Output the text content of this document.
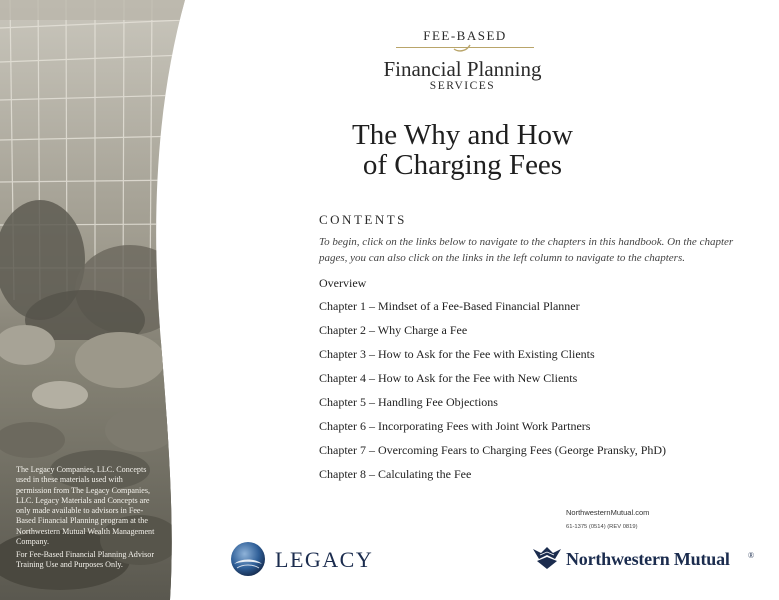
The Legacy Companies, LLC. Concepts used in these materials used with permission from The Legacy Companies, LLC. Legacy Materials and Concepts are only made available to advisors in Fee-Based Financial Planning program at the Northwestern Mutual Wealth Management Company.
For Fee-Based Financial Planning Advisor Training Use and Purposes Only.
FEE-BASED
Financial Planning
SERVICES
The Why and How
of Charging Fees
CONTENTS
To begin, click on the links below to navigate to the chapters in this handbook. On the chapter pages, you can also click on the links in the left column to navigate to the chapters.
Overview
Chapter 1 – Mindset of a Fee-Based Financial Planner
Chapter 2 – Why Charge a Fee
Chapter 3 – How to Ask for the Fee with Existing Clients
Chapter 4 – How to Ask for the Fee with New Clients
Chapter 5 – Handling Fee Objections
Chapter 6 – Incorporating Fees with Joint Work Partners
Chapter 7 – Overcoming Fears to Charging Fees (George Pransky, PhD)
Chapter 8 – Calculating the Fee
NorthwesternMutual.com
61-1375 (0514) (REV 0819)
LEGACY	Northwestern Mutual ®
